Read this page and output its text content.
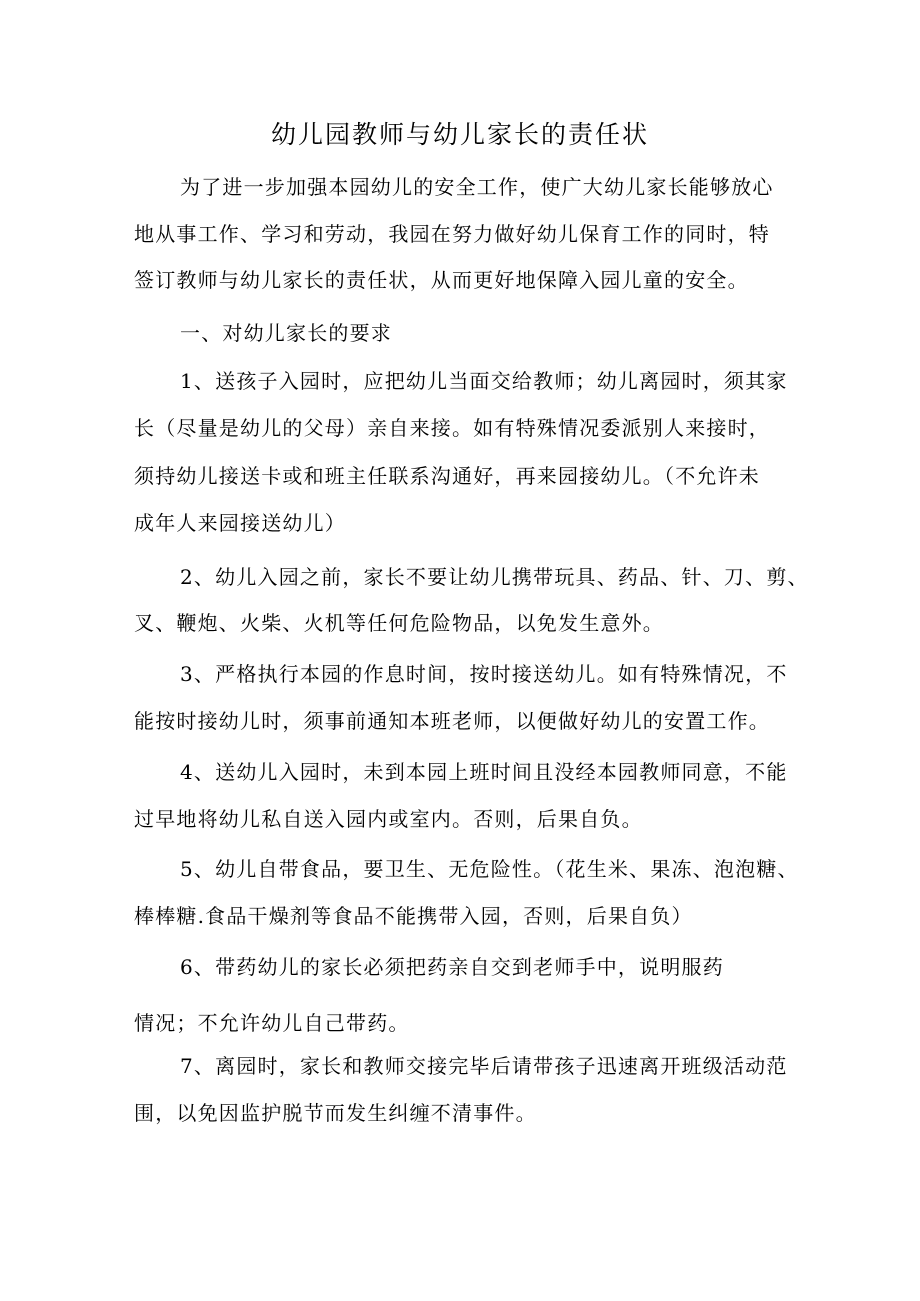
幼儿园教师与幼儿家长的责任状
为了进一步加强本园幼儿的安全工作，使广大幼儿家长能够放心
地从事工作、学习和劳动，我园在努力做好幼儿保育工作的同时，特
签订教师与幼儿家长的责任状，从而更好地保障入园儿童的安全。
一、对幼儿家长的要求
1、送孩子入园时，应把幼儿当面交给教师；幼儿离园时，须其家
长（尽量是幼儿的父母）亲自来接。如有特殊情况委派别人来接时，
须持幼儿接送卡或和班主任联系沟通好，再来园接幼儿。（不允许未
成年人来园接送幼儿）
2、幼儿入园之前，家长不要让幼儿携带玩具、药品、针、刀、剪、
叉、鞭炮、火柴、火机等任何危险物品，以免发生意外。
3、严格执行本园的作息时间，按时接送幼儿。如有特殊情况，不
能按时接幼儿时，须事前通知本班老师，以便做好幼儿的安置工作。
4、送幼儿入园时，未到本园上班时间且没经本园教师同意，不能
过早地将幼儿私自送入园内或室内。否则，后果自负。
5、幼儿自带食品，要卫生、无危险性。（花生米、果冻、泡泡糖、
棒棒糖.食品干燥剂等食品不能携带入园，否则，后果自负）
6、带药幼儿的家长必须把药亲自交到老师手中，说明服药
情况；不允许幼儿自己带药。
7、离园时，家长和教师交接完毕后请带孩子迅速离开班级活动范
围，以免因监护脱节而发生纠缠不清事件。
